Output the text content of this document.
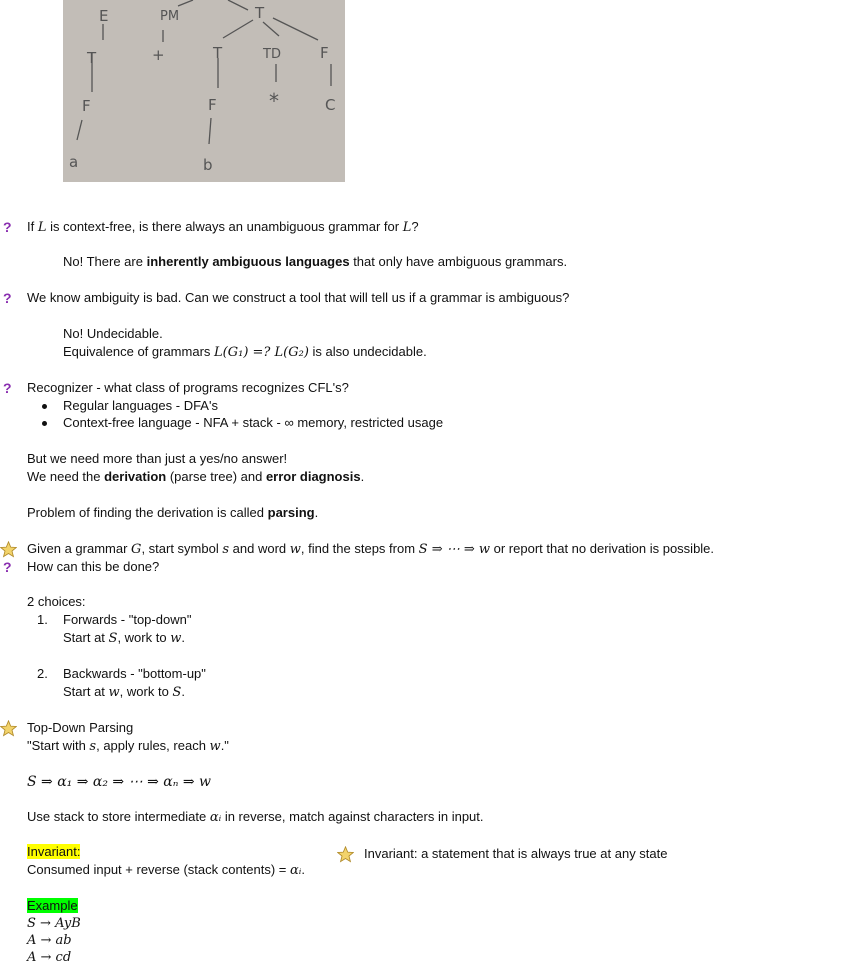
E	PM	T
T	+	T	TD	F
F	F	*	C
a	b
? If L is context-free, is there always an unambiguous grammar for L?
No! There are inherently ambiguous languages that only have ambiguous grammars.
? We know ambiguity is bad. Can we construct a tool that will tell us if a grammar is ambiguous?
No! Undecidable.
Equivalence of grammars L(G₁) =? L(G₂) is also undecidable.
? Recognizer - what class of programs recognizes CFL's?
Regular languages - DFA's
Context-free language - NFA + stack - ∞ memory, restricted usage
But we need more than just a yes/no answer!
We need the derivation (parse tree) and error diagnosis.
Problem of finding the derivation is called parsing.
Given a grammar G, start symbol s and word w, find the steps from S ⇒ ⋯ ⇒ w or report that no derivation is possible.
? How can this be done?
2 choices:
1. Forwards - "top-down"
Start at S, work to w.
2. Backwards - "bottom-up"
Start at w, work to S.
Top-Down Parsing
"Start with s, apply rules, reach w."
S ⇒ α₁ ⇒ α₂ ⇒ ⋯ ⇒ αₙ ⇒ w
Use stack to store intermediate αᵢ in reverse, match against characters in input.
Invariant:
Consumed input + reverse (stack contents) = αᵢ.
Invariant: a statement that is always true at any state
Example
S → AyB
A → ab
A → cd
